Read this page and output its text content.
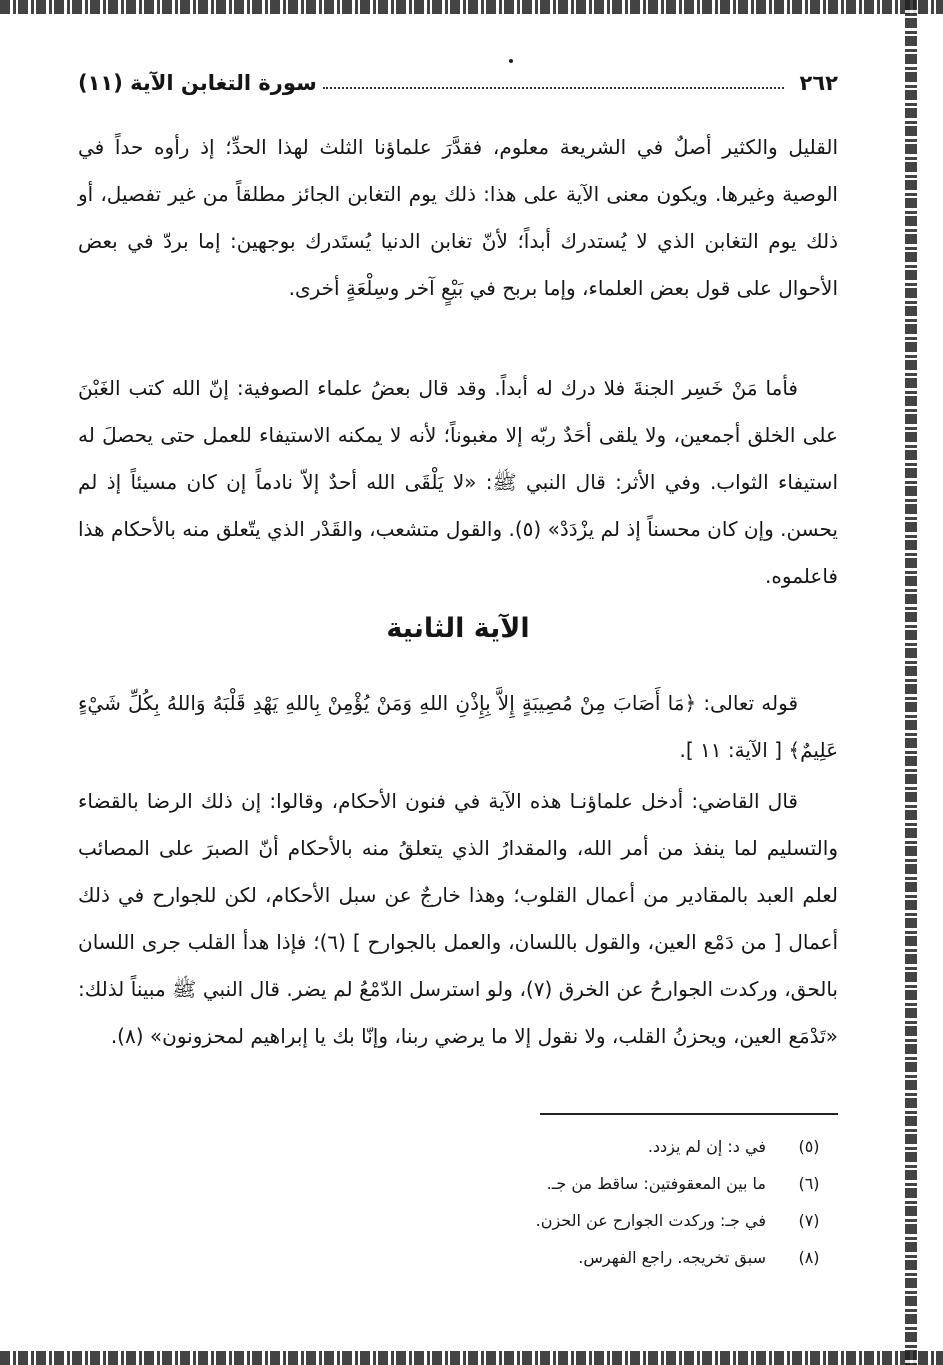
٢٦٢
سورة التغابن الآية (١١)
القليل والكثير أصلٌ في الشريعة معلوم، فقدَّرَ علماؤنا الثلث لهذا الحدِّ؛ إذ رأوه حداً في الوصية وغيرها. ويكون معنى الآية على هذا: ذلك يوم التغابن الجائز مطلقاً من غير تفصيل، أو ذلك يوم التغابن الذي لا يُستدرك أبداً؛ لأنّ تغابن الدنيا يُستَدرك بوجهين: إما بردّ في بعض الأحوال على قول بعض العلماء، وإما بربح في بَيْعٍ آخر وسِلْعَةٍ أخرى.
فأما مَنْ خَسِر الجنةَ فلا درك له أبداً. وقد قال بعضُ علماء الصوفية: إنّ الله كتب الغَبْنَ على الخلق أجمعين، ولا يلقى أحَدٌ ربّه إلا مغبوناً؛ لأنه لا يمكنه الاستيفاء للعمل حتى يحصلَ له استيفاء الثواب. وفي الأثر: قال النبي ﷺ: «لا يَلْقَى الله أحدٌ إلاّ نادماً إن كان مسيئاً إذ لم يحسن. وإن كان محسناً إذ لم يزْدَدْ» (٥). والقول متشعب، والقَدْر الذي يتّعلق منه بالأحكام هذا فاعلموه.
الآية الثانية
قوله تعالى: ﴿مَا أَصَابَ مِنْ مُصِيبَةٍ إِلاَّ بِإِذْنِ اللهِ وَمَنْ يُؤْمِنْ بِاللهِ يَهْدِ قَلْبَهُ وَاللهُ بِكُلِّ شَيْءٍ عَلِيمٌ﴾ [ الآية: ١١ ].
قال القاضي: أدخل علماؤنـا هذه الآية في فنون الأحكام، وقالوا: إن ذلك الرضا بالقضاء والتسليم لما ينفذ من أمر الله، والمقدارُ الذي يتعلقُ منه بالأحكام أنّ الصبرَ على المصائب لعلم العبد بالمقادير من أعمال القلوب؛ وهذا خارجٌ عن سبل الأحكام، لكن للجوارح في ذلك أعمال [ من دَمْع العين، والقول باللسان، والعمل بالجوارح ] (٦)؛ فإذا هدأ القلب جرى اللسان بالحق، وركدت الجوارحُ عن الخرق (٧)، ولو استرسل الدّمْعُ لم يضر. قال النبي ﷺ مبيناً لذلك: «تَدْمَع العين، ويحزنُ القلب، ولا نقول إلا ما يرضي ربنا، وإنّا بك يا إبراهيم لمحزونون» (٨).
(٥)
في د: إن لم يزدد.
(٦)
ما بين المعقوفتين: ساقط من جـ.
(٧)
في جـ: وركدت الجوارح عن الحزن.
(٨)
سبق تخريجه. راجع الفهرس.
